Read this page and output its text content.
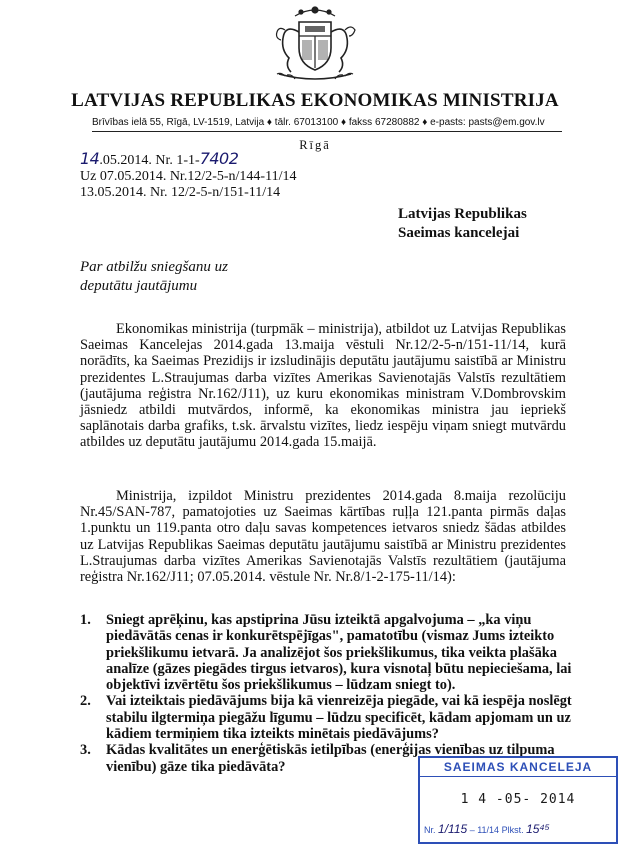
LATVIJAS REPUBLIKAS EKONOMIKAS MINISTRIJA
Brīvības ielā 55, Rīgā, LV-1519, Latvija ♦ tālr. 67013100 ♦ fakss 67280882 ♦ e-pasts: pasts@em.gov.lv
Rīgā
14.05.2014. Nr. 1-1-7402
Uz 07.05.2014. Nr.12/2-5-n/144-11/14
13.05.2014. Nr. 12/2-5-n/151-11/14
Latvijas Republikas
Saeimas kancelejai
Par atbilžu sniegšanu uz
deputātu jautājumu

Ekonomikas ministrija (turpmāk – ministrija), atbildot uz Latvijas Republikas Saeimas Kancelejas 2014.gada 13.maija vēstuli Nr.12/2-5-n/151-11/14, kurā norādīts, ka Saeimas Prezidijs ir izsludinājis deputātu jautājumu saistībā ar Ministru prezidentes L.Straujumas darba vizītes Amerikas Savienotajās Valstīs rezultātiem (jautājuma reģistra Nr.162/J11), uz kuru ekonomikas ministram V.Dombrovskim jāsniedz atbildi mutvārdos, informē, ka ekonomikas ministra jau iepriekš saplānotais darba grafiks, t.sk. ārvalstu vizītes, liedz iespēju viņam sniegt mutvārdu atbildes uz deputātu jautājumu 2014.gada 15.maijā.

Ministrija, izpildot Ministru prezidentes 2014.gada 8.maija rezolūciju Nr.45/SAN-787, pamatojoties uz Saeimas kārtības ruļļa 121.panta pirmās daļas 1.punktu un 119.panta otro daļu savas kompetences ietvaros sniedz šādas atbildes uz Latvijas Republikas Saeimas deputātu jautājumu saistībā ar Ministru prezidentes L.Straujumas darba vizītes Amerikas Savienotajās Valstīs rezultātiem (jautājuma reģistra Nr.162/J11; 07.05.2014. vēstule Nr. Nr.8/1-2-175-11/14):

1. Sniegt aprēķinu, kas apstiprina Jūsu izteiktā apgalvojuma – „ka viņu piedāvātās cenas ir konkurētspējīgas", pamatotību (vismaz Jums izteikto priekšlikumu ietvarā. Ja analizējot šos priekšlikumus, tika veikta plašāka analīze (gāzes piegādes tirgus ietvaros), kura visnotaļ būtu nepieciešama, lai objektīvi izvērtētu šos priekšlikumus – lūdzam sniegt to).
2. Vai izteiktais piedāvājums bija kā vienreizēja piegāde, vai kā iespēja noslēgt stabilu ilgtermiņa piegāžu līgumu – lūdzu specificēt, kādam apjomam un uz kādiem termiņiem tika izteikts minētais piedāvājums?
3. Kādas kvalitātes un enerģētiskās ietilpības (enerģijas vienības uz tilpuma vienību) gāze tika piedāvāta?	SAEIMAS KANCELEJA
1 4 -05- 2014
Nr. 1/115 – 11/14 Plkst. 15⁴⁵
